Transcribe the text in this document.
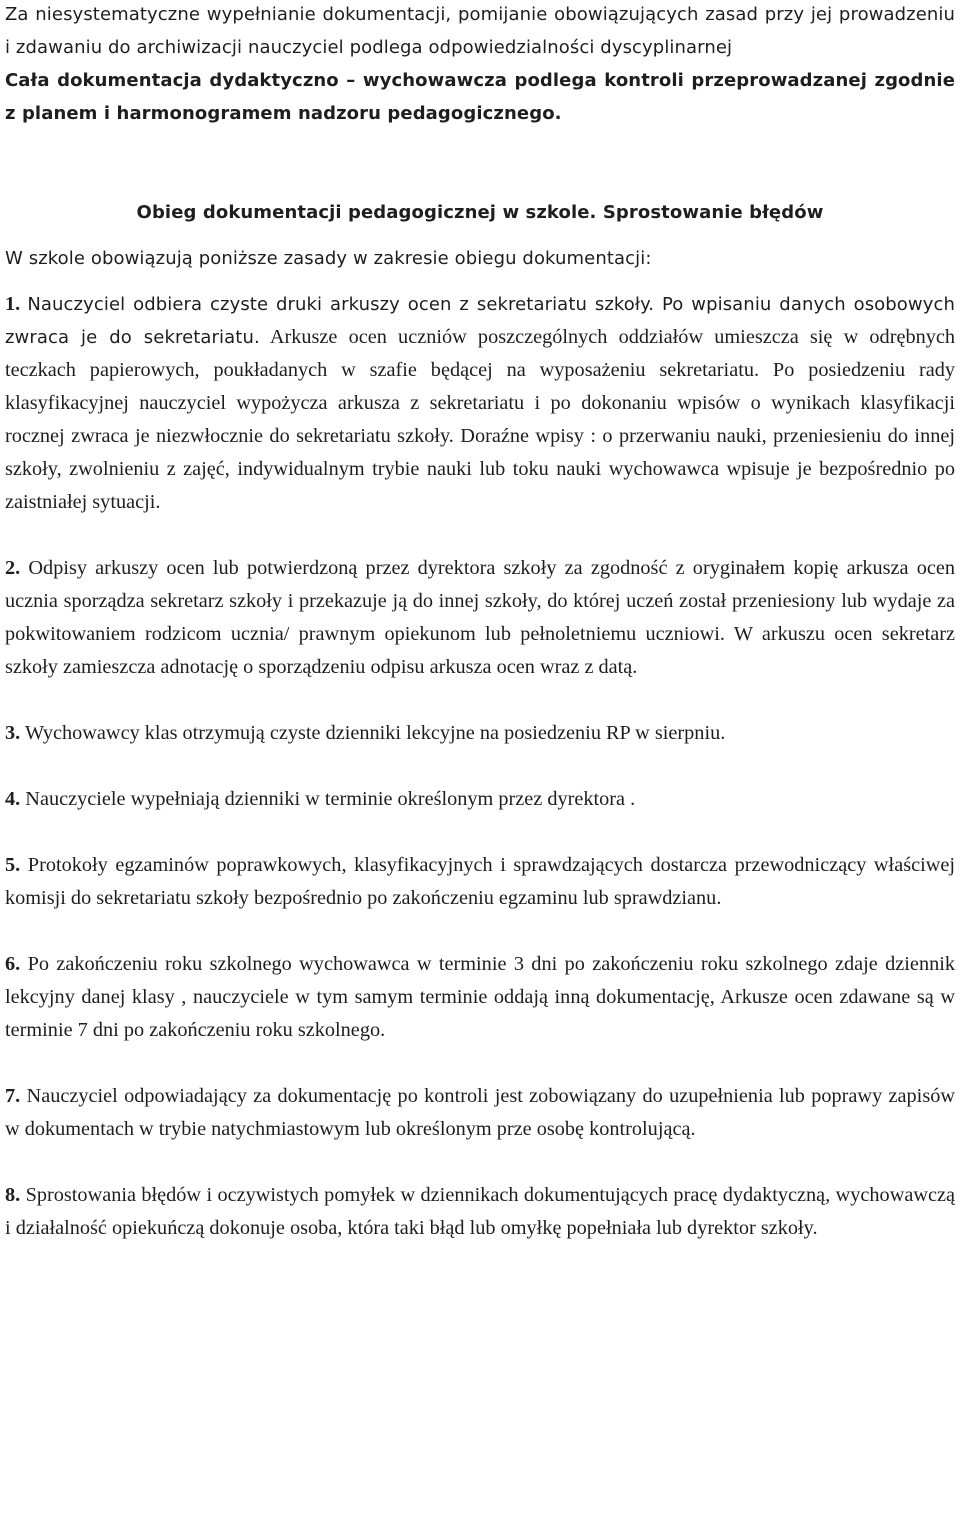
Za niesystematyczne wypełnianie dokumentacji, pomijanie obowiązujących zasad przy jej prowadzeniu i zdawaniu do archiwizacji nauczyciel podlega odpowiedzialności dyscyplinarnej

Cała dokumentacja dydaktyczno – wychowawcza podlega kontroli przeprowadzanej zgodnie z planem i harmonogramem nadzoru pedagogicznego.

Obieg dokumentacji pedagogicznej w szkole. Sprostowanie błędów

W szkole obowiązują poniższe zasady w zakresie obiegu dokumentacji:

1. Nauczyciel odbiera czyste druki arkuszy ocen z sekretariatu szkoły. Po wpisaniu danych osobowych zwraca je do sekretariatu. Arkusze ocen uczniów poszczególnych oddziałów umieszcza się w odrębnych teczkach papierowych, poukładanych w szafie będącej na wyposażeniu sekretariatu. Po posiedzeniu rady klasyfikacyjnej nauczyciel wypożycza arkusza z sekretariatu i po dokonaniu wpisów o wynikach klasyfikacji rocznej zwraca je niezwłocznie do sekretariatu szkoły. Doraźne wpisy : o przerwaniu nauki, przeniesieniu do innej szkoły, zwolnieniu z zajęć, indywidualnym trybie nauki lub toku nauki wychowawca wpisuje je bezpośrednio po zaistniałej sytuacji.

2. Odpisy arkuszy ocen lub potwierdzoną przez dyrektora szkoły za zgodność z oryginałem kopię arkusza ocen ucznia sporządza sekretarz szkoły i przekazuje ją do innej szkoły, do której uczeń został przeniesiony lub wydaje za pokwitowaniem rodzicom ucznia/ prawnym opiekunom lub pełnoletniemu uczniowi. W arkuszu ocen sekretarz szkoły zamieszcza adnotację o sporządzeniu odpisu arkusza ocen wraz z datą.

3. Wychowawcy klas otrzymują czyste dzienniki lekcyjne na posiedzeniu RP w sierpniu.

4. Nauczyciele wypełniają dzienniki w terminie określonym przez dyrektora .

5. Protokoły egzaminów poprawkowych, klasyfikacyjnych i sprawdzających dostarcza przewodniczący właściwej komisji do sekretariatu szkoły bezpośrednio po zakończeniu egzaminu lub sprawdzianu.

6. Po zakończeniu roku szkolnego wychowawca w terminie 3 dni po zakończeniu roku szkolnego zdaje dziennik lekcyjny danej klasy , nauczyciele w tym samym terminie oddają inną dokumentację, Arkusze ocen zdawane są w terminie 7 dni po zakończeniu roku szkolnego.

7. Nauczyciel odpowiadający za dokumentację po kontroli jest zobowiązany do uzupełnienia lub poprawy zapisów w dokumentach w trybie natychmiastowym lub określonym prze osobę kontrolującą.

8. Sprostowania błędów i oczywistych pomyłek w dziennikach dokumentujących pracę dydaktyczną, wychowawczą i działalność opiekuńczą dokonuje osoba, która taki błąd lub omyłkę popełniała lub dyrektor szkoły.
